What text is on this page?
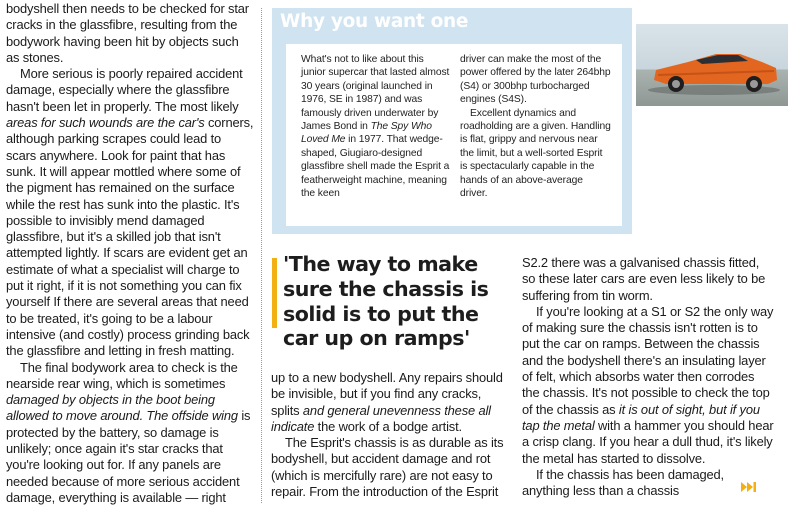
bodyshell then needs to be checked for star cracks in the glassfibre, resulting from the bodywork having been hit by objects such as stones.

More serious is poorly repaired accident damage, especially where the glassfibre hasn't been let in properly. The most likely areas for such wounds are the car's corners, although parking scrapes could lead to scars anywhere. Look for paint that has sunk. It will appear mottled where some of the pigment has remained on the surface while the rest has sunk into the plastic. It's possible to invisibly mend damaged glassfibre, but it's a skilled job that isn't attempted lightly. If scars are evident get an estimate of what a specialist will charge to put it right, if it is not something you can fix yourself If there are several areas that need to be treated, it's going to be a labour intensive (and costly) process grinding back the glassfibre and letting in fresh matting.

The final bodywork area to check is the nearside rear wing, which is sometimes damaged by objects in the boot being allowed to move around. The offside wing is protected by the battery, so damage is unlikely; once again it's star cracks that you're looking out for. If any panels are needed because of more serious accident damage, everything is available — right

Why you want one

What's not to like about this junior supercar that lasted almost 30 years (original launched in 1976, SE in 1987) and was famously driven underwater by James Bond in The Spy Who Loved Me in 1977. That wedge-shaped, Giugiaro-designed glassfibre shell made the Esprit a featherweight machine, meaning the keen

driver can make the most of the power offered by the later 264bhp (S4) or 300bhp turbocharged engines (S4S).

Excellent dynamics and roadholding are a given. Handling is flat, grippy and nervous near the limit, but a well-sorted Esprit is spectacularly capable in the hands of an above-average driver.

'The way to make sure the chassis is solid is to put the car up on ramps'

up to a new bodyshell. Any repairs should be invisible, but if you find any cracks, splits and general unevenness these all indicate the work of a bodge artist.

The Esprit's chassis is as durable as its bodyshell, but accident damage and rot (which is mercifully rare) are not easy to repair. From the introduction of the Esprit

S2.2 there was a galvanised chassis fitted, so these later cars are even less likely to be suffering from tin worm.

If you're looking at a S1 or S2 the only way of making sure the chassis isn't rotten is to put the car on ramps. Between the chassis and the bodyshell there's an insulating layer of felt, which absorbs water then corrodes the chassis. It's not possible to check the top of the chassis as it is out of sight, but if you tap the metal with a hammer you should hear a crisp clang. If you hear a dull thud, it's likely the metal has started to dissolve.

If the chassis has been damaged, anything less than a chassis
